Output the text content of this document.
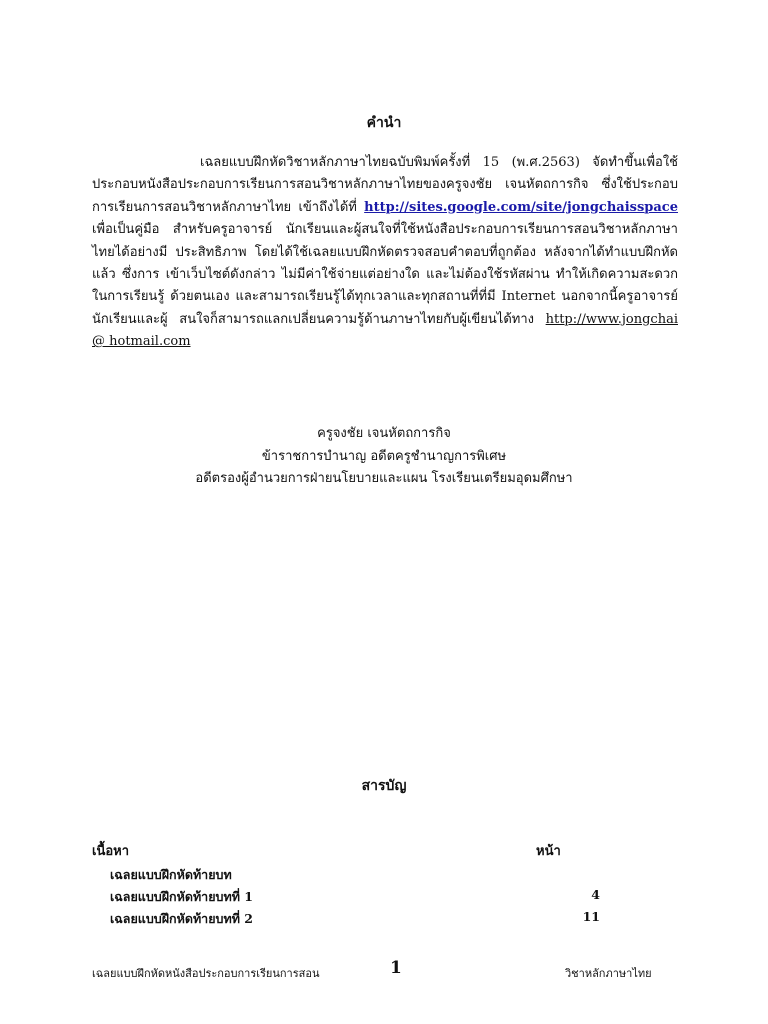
คำนำ
เฉลยแบบฝึกหัดวิชาหลักภาษาไทยฉบับพิมพ์ครั้งที่ 15 (พ.ศ.2563) จัดทำขึ้นเพื่อใช้ ประกอบหนังสือประกอบการเรียนการสอนวิชาหลักภาษาไทยของครูจงชัย เจนหัตถการกิจ ซึ่งใช้ประกอบ การเรียนการสอนวิชาหลักภาษาไทย เข้าถึงได้ที่ http://sites.google.com/site/jongchaisspace เพื่อเป็นคู่มือ สำหรับครูอาจารย์ นักเรียนและผู้สนใจที่ใช้หนังสือประกอบการเรียนการสอนวิชาหลักภาษาไทยได้อย่างมี ประสิทธิภาพ โดยได้ใช้เฉลยแบบฝึกหัดตรวจสอบคำตอบที่ถูกต้อง หลังจากได้ทำแบบฝึกหัดแล้ว ซึ่งการ เข้าเว็บไซต์ดังกล่าว ไม่มีค่าใช้จ่ายแต่อย่างใด และไม่ต้องใช้รหัสผ่าน ทำให้เกิดความสะดวกในการเรียนรู้ ด้วยตนเอง และสามารถเรียนรู้ได้ทุกเวลาและทุกสถานที่ที่มี Internet นอกจากนี้ครูอาจารย์นักเรียนและผู้ สนใจก็สามารถแลกเปลี่ยนความรู้ด้านภาษาไทยกับผู้เขียนได้ทาง http://www.jongchai @ hotmail.com
ครูจงชัย เจนหัตถการกิจ
ข้าราชการบำนาญ อดีตครูชำนาญการพิเศษ
อดีตรองผู้อำนวยการฝ่ายนโยบายและแผน โรงเรียนเตรียมอุดมศึกษา
สารบัญ
เนื้อหา	หน้า
เฉลยแบบฝึกหัดท้ายบท
เฉลยแบบฝึกหัดท้ายบทที่ 1	4
เฉลยแบบฝึกหัดท้ายบทที่ 2	11
เฉลยแบบฝึกหัดหนังสือประกอบการเรียนการสอน	1	วิชาหลักภาษาไทย
